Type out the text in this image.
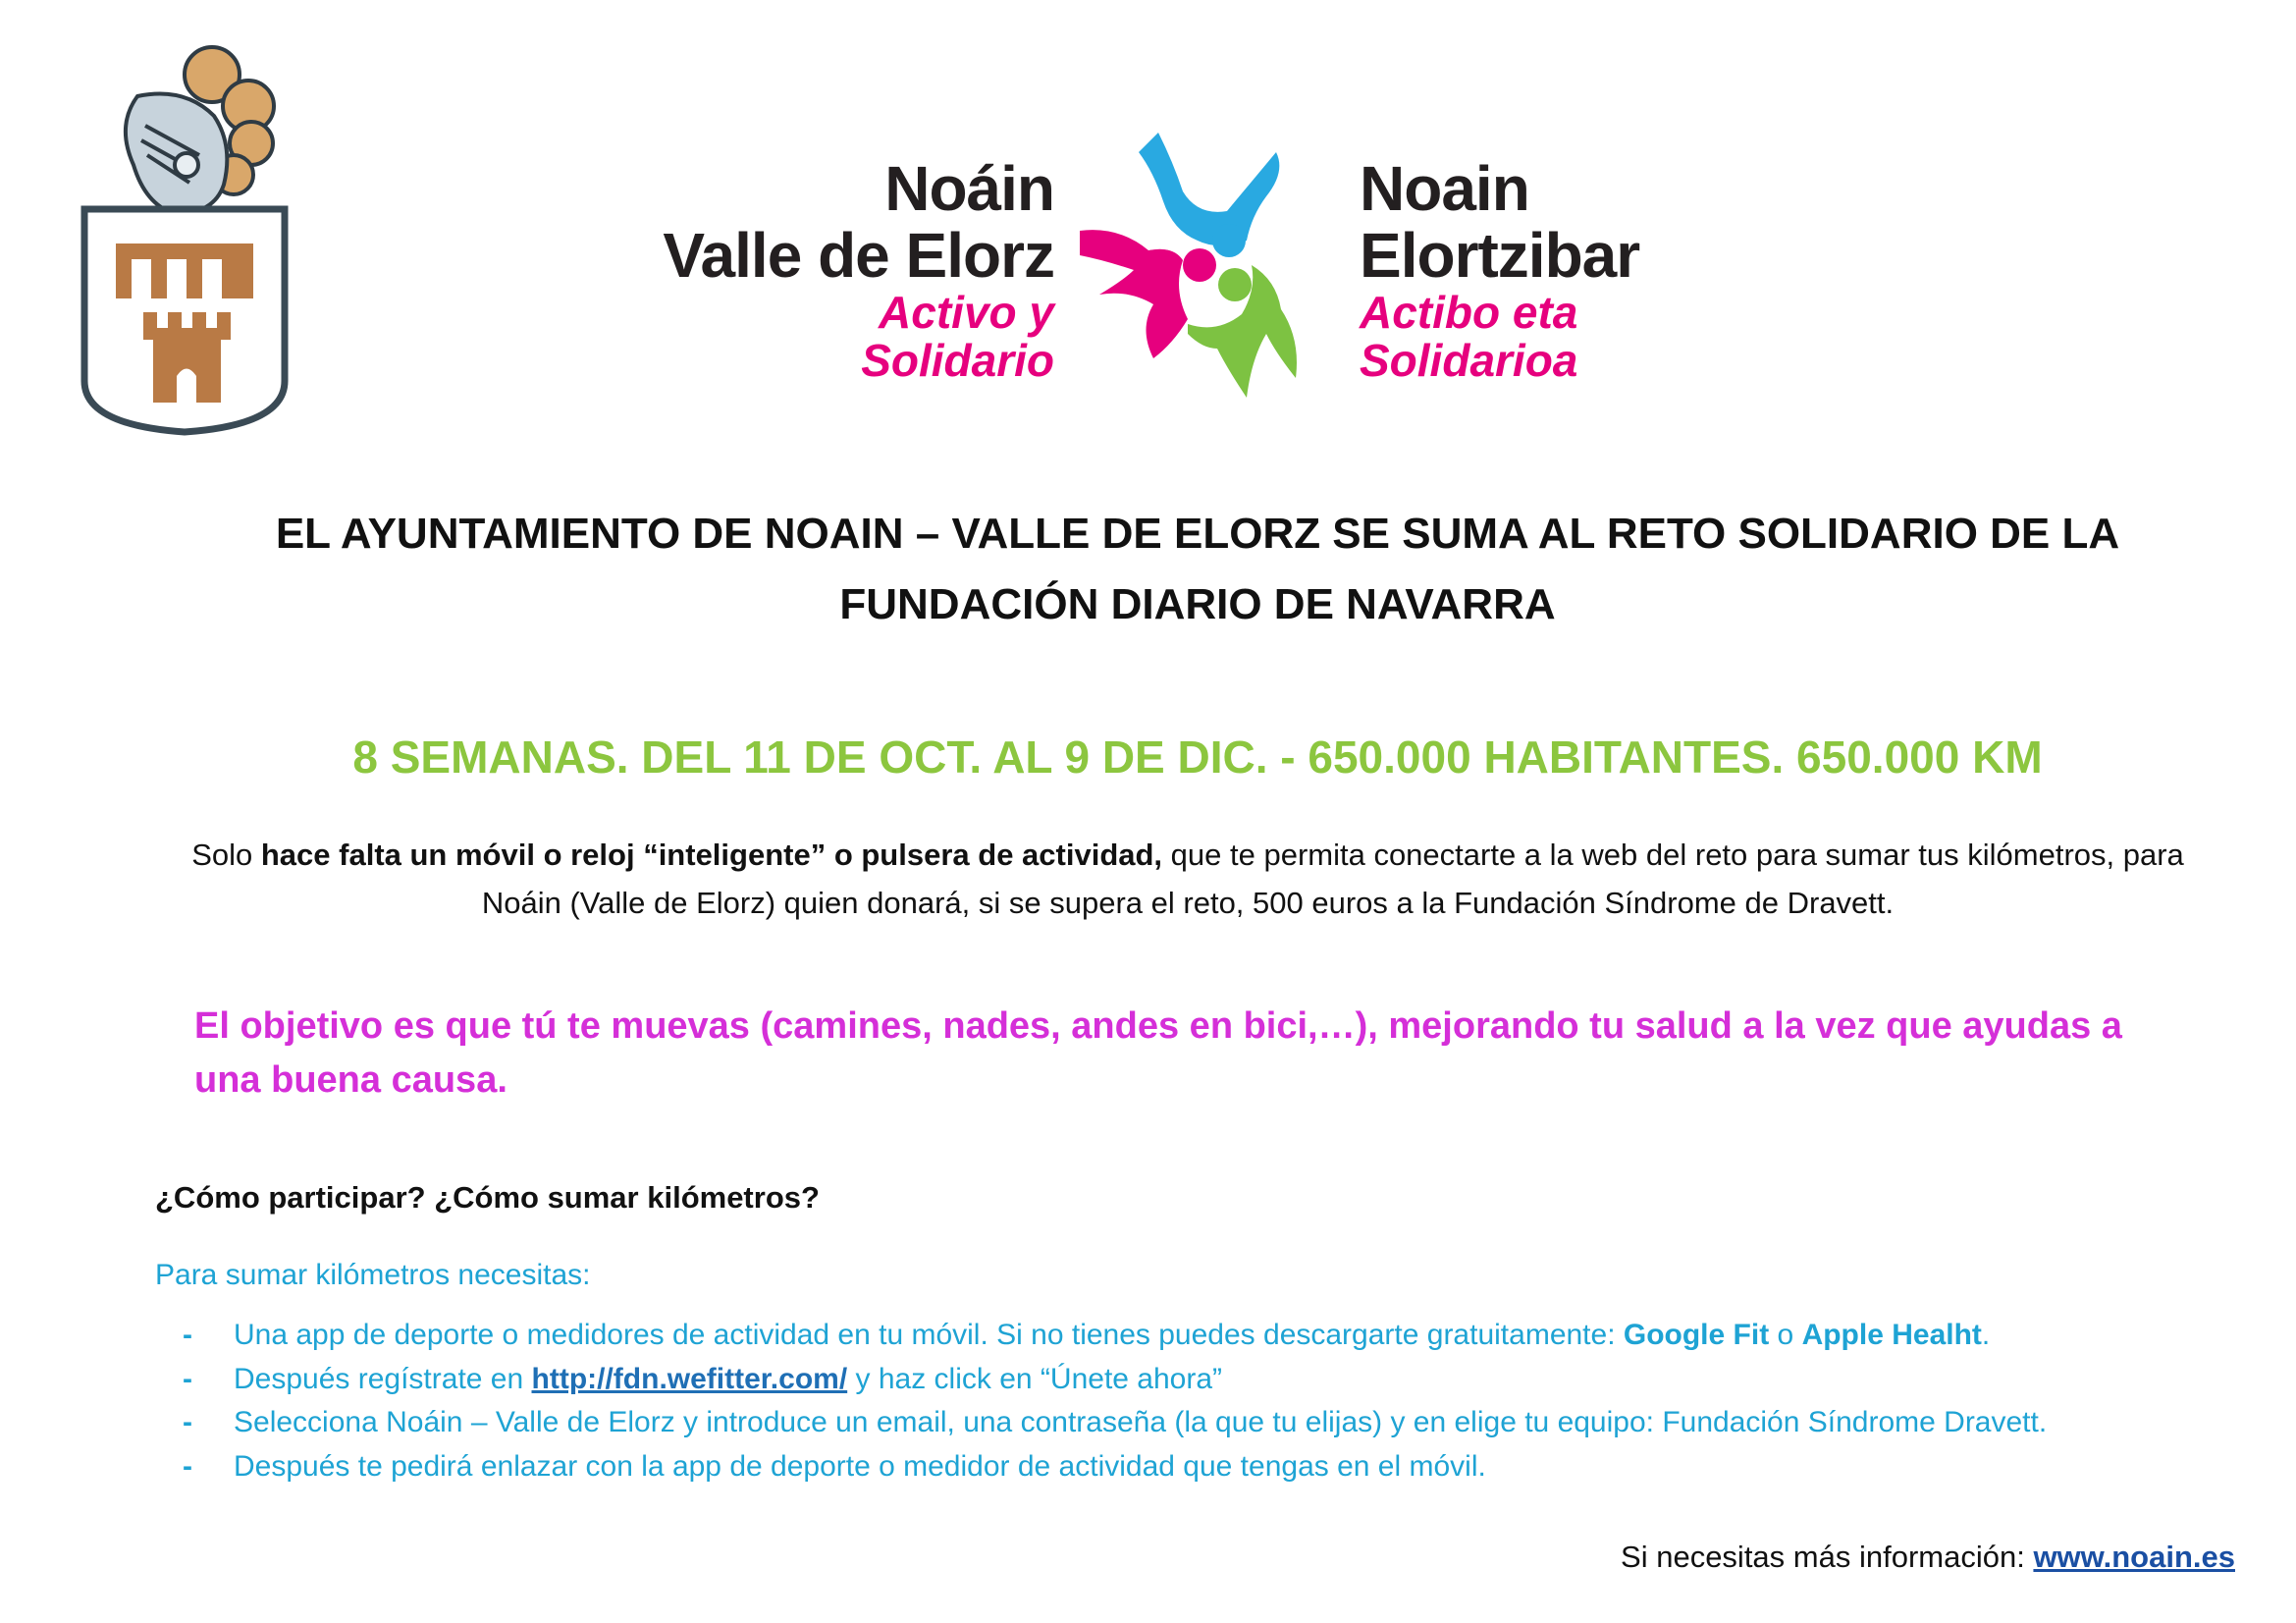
Noáin
Valle de Elorz
Activo y
Solidario
Noain
Elortzibar
Actibo eta
Solidarioa
EL AYUNTAMIENTO DE NOAIN – VALLE DE ELORZ SE SUMA AL RETO SOLIDARIO DE LA
FUNDACIÓN DIARIO DE NAVARRA
8 SEMANAS. DEL 11 DE OCT. AL 9 DE DIC. - 650.000 HABITANTES. 650.000 KM
Solo hace falta un móvil o reloj “inteligente” o pulsera de actividad, que te permita conectarte a la web del reto para sumar tus kilómetros, para Noáin (Valle de Elorz) quien donará, si se supera el reto, 500 euros a la Fundación Síndrome de Dravett.
El objetivo es que tú te muevas (camines, nades, andes en bici,…), mejorando tu salud a la vez que ayudas a una buena causa.
¿Cómo participar? ¿Cómo sumar kilómetros?
Para sumar kilómetros necesitas:
- Una app de deporte o medidores de actividad en tu móvil. Si no tienes puedes descargarte gratuitamente: Google Fit o Apple Healht.
- Después regístrate en http://fdn.wefitter.com/ y haz click en “Únete ahora”
- Selecciona Noáin – Valle de Elorz y introduce un email, una contraseña (la que tu elijas) y en elige tu equipo: Fundación Síndrome Dravett.
- Después te pedirá enlazar con la app de deporte o medidor de actividad que tengas en el móvil.
Si necesitas más información: www.noain.es
